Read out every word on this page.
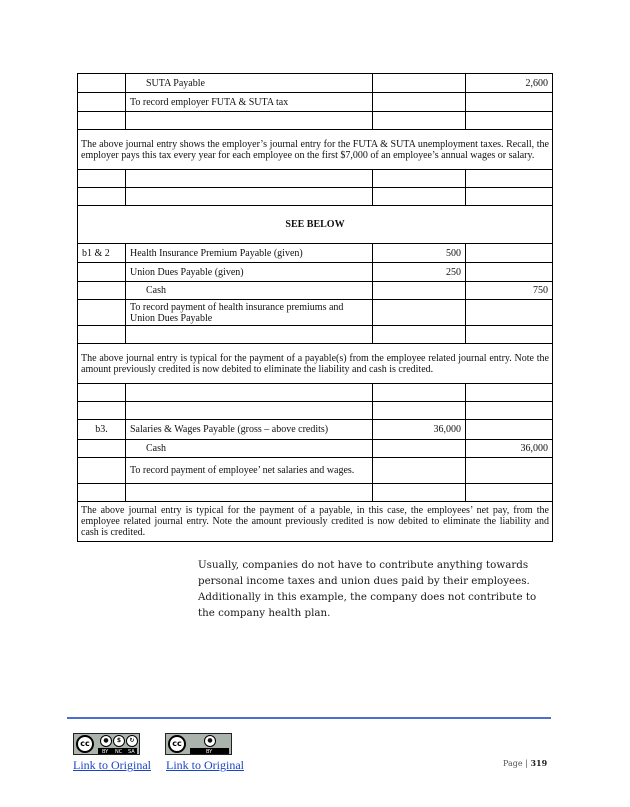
	SUTA Payable		2,600
	To record employer FUTA & SUTA tax		

The above journal entry shows the employer’s journal entry for the FUTA & SUTA unemployment taxes. Recall, the employer pays this tax every year for each employee on the first $7,000 of an employee’s annual wages or salary.			

SEE BELOW			
b1 & 2	Health Insurance Premium Payable (given)	500	
	Union Dues Payable (given)	250	
	Cash		750
	To record payment of health insurance premiums and Union Dues Payable		

The above journal entry is typical for the payment of a payable(s) from the employee related journal entry. Note the amount previously credited is now debited to eliminate the liability and cash is credited.			

b3.	Salaries & Wages Payable (gross – above credits)	36,000	
	Cash		36,000
	To record payment of employee’ net salaries and wages.		

The above journal entry is typical for the payment of a payable, in this case, the employees’ net pay, from the employee related journal entry. Note the amount previously credited is now debited to eliminate the liability and cash is credited.			

Usually, companies do not have to contribute anything towards personal income taxes and union dues paid by their employees. Additionally in this example, the company does not contribute to the company health plan.

cc	●	$	↻
BY NC SA
cc	●
BY
Link to Original Link to Original	Page | 319
